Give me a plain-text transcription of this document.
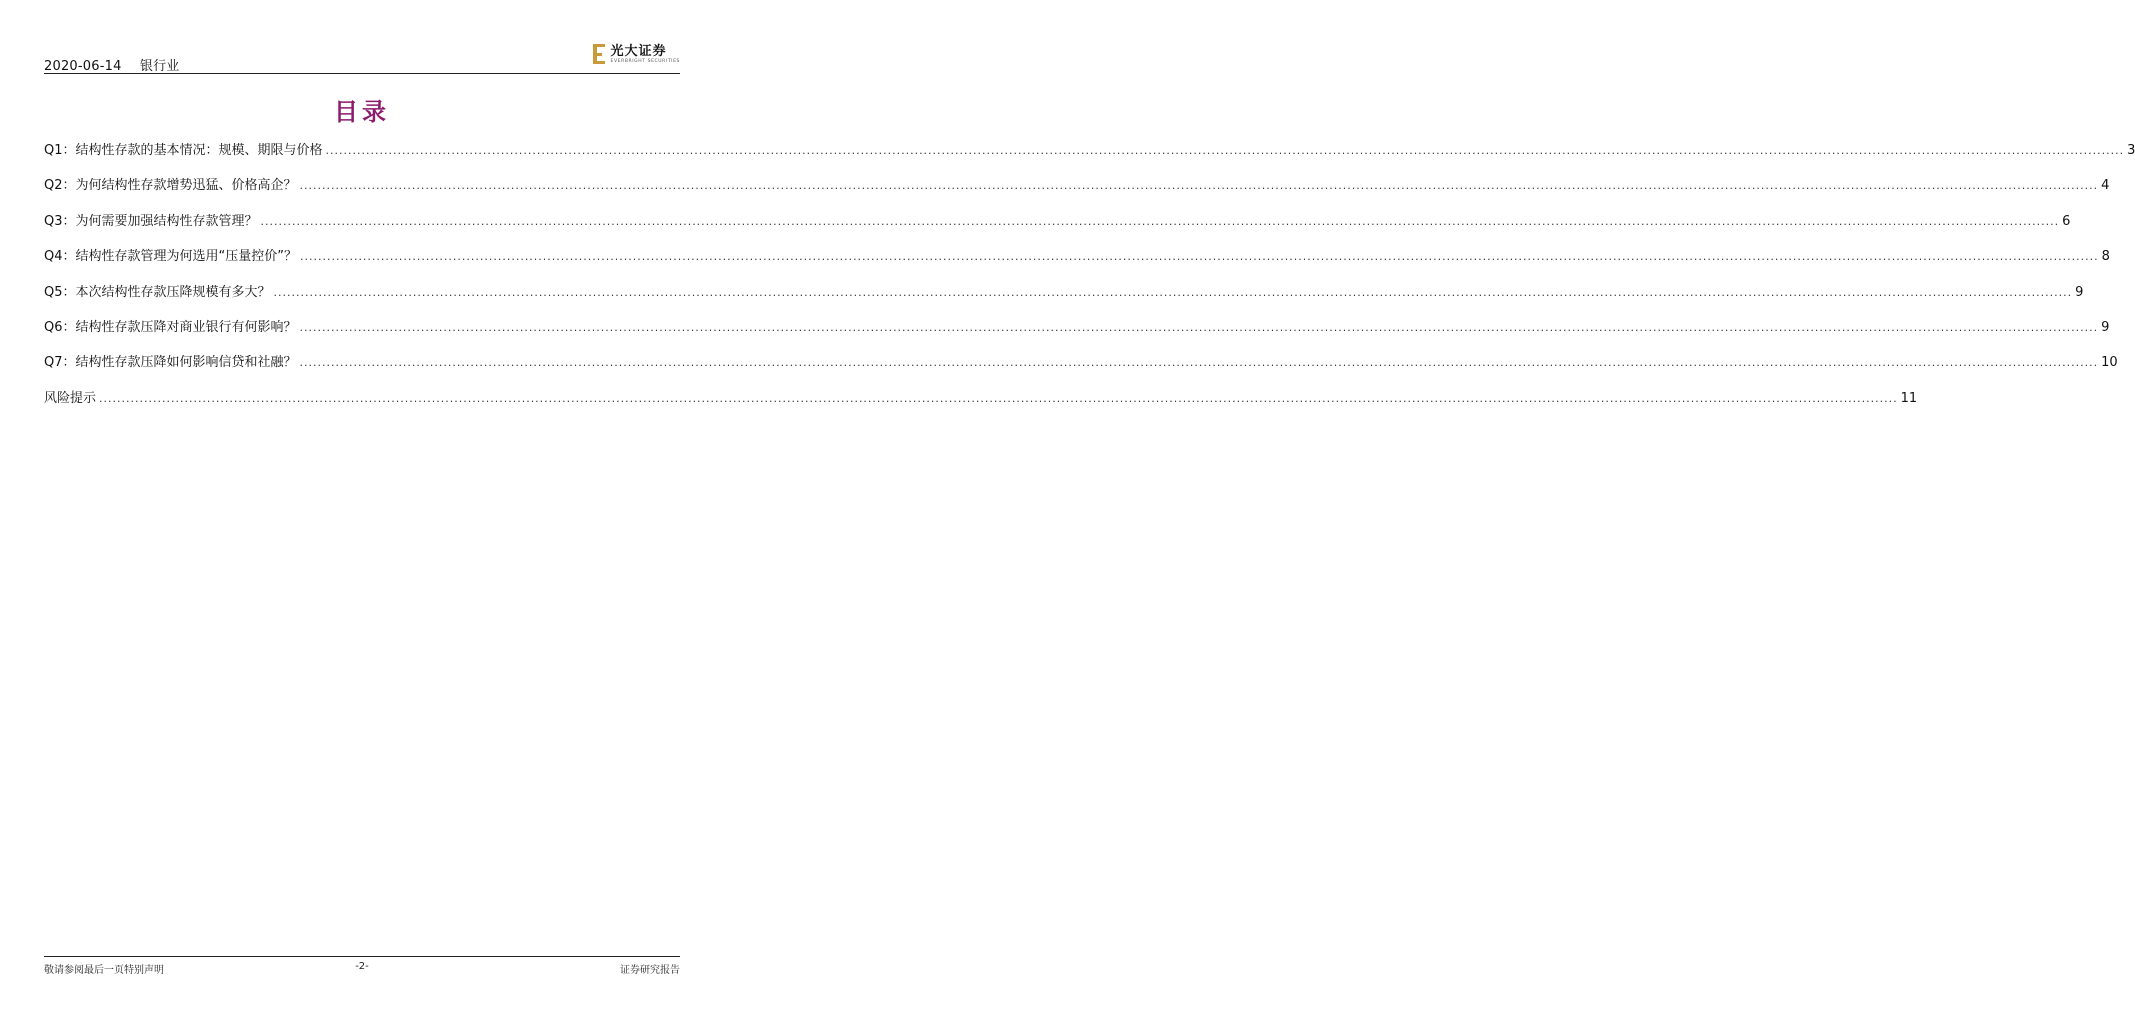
2020-06-14 银行业
光大证券
EVERBRIGHT SECURITIES
目录
Q1：结构性存款的基本情况：规模、期限与价格 ................................................................................................................................................................................................................................................................................................................................................................................................................ 3
Q2：为何结构性存款增势迅猛、价格高企？ ................................................................................................................................................................................................................................................................................................................................................................................................................ 4
Q3：为何需要加强结构性存款管理？ ................................................................................................................................................................................................................................................................................................................................................................................................................ 6
Q4：结构性存款管理为何选用“压量控价”？ ................................................................................................................................................................................................................................................................................................................................................................................................................ 8
Q5：本次结构性存款压降规模有多大？ ................................................................................................................................................................................................................................................................................................................................................................................................................ 9
Q6：结构性存款压降对商业银行有何影响？ ................................................................................................................................................................................................................................................................................................................................................................................................................ 9
Q7：结构性存款压降如何影响信贷和社融？ ................................................................................................................................................................................................................................................................................................................................................................................................................ 10
风险提示 ................................................................................................................................................................................................................................................................................................................................................................................................................ 11
敬请参阅最后一页特别声明	-2-	证券研究报告
